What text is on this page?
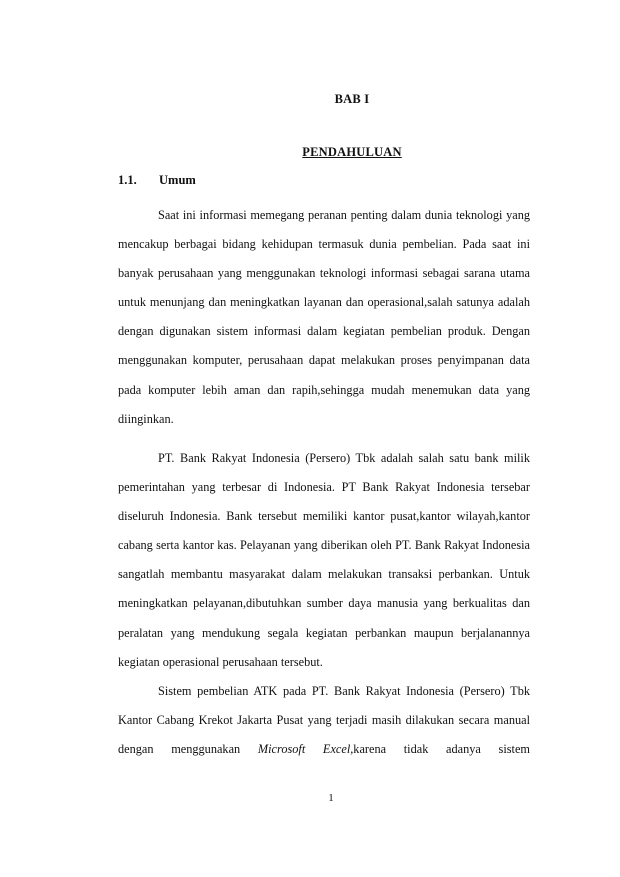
BAB I
PENDAHULUAN
1.1. Umum

Saat ini informasi memegang peranan penting dalam dunia teknologi yang mencakup berbagai bidang kehidupan termasuk dunia pembelian. Pada saat ini banyak perusahaan yang menggunakan teknologi informasi sebagai sarana utama untuk menunjang dan meningkatkan layanan dan operasional,salah satunya adalah dengan digunakan sistem informasi dalam kegiatan pembelian produk. Dengan menggunakan komputer, perusahaan dapat melakukan proses penyimpanan data pada komputer lebih aman dan rapih,sehingga mudah menemukan data yang diinginkan.

PT. Bank Rakyat Indonesia (Persero) Tbk adalah salah satu bank milik pemerintahan yang terbesar di Indonesia. PT Bank Rakyat Indonesia tersebar diseluruh Indonesia. Bank tersebut memiliki kantor pusat,kantor wilayah,kantor cabang serta kantor kas. Pelayanan yang diberikan oleh PT. Bank Rakyat Indonesia sangatlah membantu masyarakat dalam melakukan transaksi perbankan. Untuk meningkatkan pelayanan,dibutuhkan sumber daya manusia yang berkualitas dan peralatan yang mendukung segala kegiatan perbankan maupun berjalanannya kegiatan operasional perusahaan tersebut.

Sistem pembelian ATK pada PT. Bank Rakyat Indonesia (Persero) Tbk Kantor Cabang Krekot Jakarta Pusat yang terjadi masih dilakukan secara manual dengan menggunakan Microsoft Excel,karena tidak adanya sistem

1
